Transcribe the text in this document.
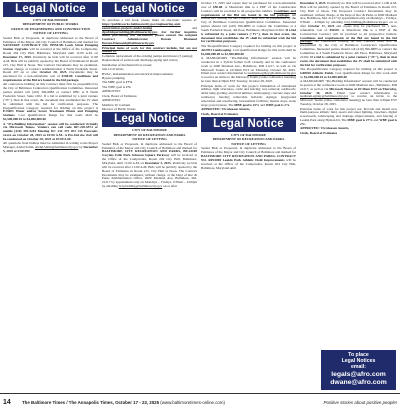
Legal Notice

CITY OF BALTIMORE

DEPARTMENT OF PUBLIC WORKS

OFFICE OF ENGINEERING AND CONSTRUCTION

NOTICE OF LETTING

Sealed Bids or Proposals, in duplicate addressed to the Board of Estimates of the Mayor and City Council of Baltimore and marked for SANITARY CONTRACT NO. 995M-Mt Louis Street Pumping Station Upgrades will be received at the Office of the Comptroller, Room 204 City Hall, Baltimore, Maryland until 11:00 A.M. on December 17, 2025. Positively no bids will be received after 11:00 A.M. Bids will be publicly opened by the Board of Estimates in Room 215, City Hall at Noon. The Contract Documents may be examined, without charge, at Contract Administration 4 North Frederick Street, Room 207 on or after October 20, 2025. Documents may be purchased for a non-refundable cost of $100.00. Conditions and requirements of the Bid are found in the bid package.

All contractors bidding on this Contract must first be prequalified by the City of Baltimore Contractors Qualification Committee. Interested parties should call (410) 396-6883 or contact OBC at 8 North Frederick Street, Suite 1002. If a bid is submitted by a joint venture ("JV"), then in that event, the document that established the JV shall be submitted with the bid for verification purposes. The Prequalification Category required for bidding on this project is E13003 Water and/or Sewer Treatment Plants and Pumping Stations. Cost Qualification Range for this work shall be $2,500,000.01 to $4,000,000.00

A "Pre-Bidding Information" session will be conducted virtually via Microsoft Teams. Vendors can call code 667-228-6574 or mobile (410) 493-4244 Meeting ID: 234 375 203 133 Passcode: xxxxx on October 28, 2025 at 10:00 A.M.. A Pre-bid site visit will be conducted on October 28, 2025 at 10:00 A.M.

All questions from bidders must be submitted in writing to the Project Manager, Abdul Salim, Abdul.Salim@baltimorecity.gov by December 5, 2025 at 5:00 PM

Legal Notice

To purchase a bid book, please make an electronic request at: https://publicworks.baltimorecity.gov/engineering-and-construction-projects-under-letting	and dpwbidspermitting@baltimorecity.gov. For further inquiries about purchasing bid documents, please contact the assigned Contract Administrator Doreen Diamond Doreen.Diamond@baltimorecity.gov

Principal items of work for this contract include, but are not limited to:

Complete replacement of the existing pumps and motors (3 pumps);

Replacement of suction and discharge piping and valves;

Installation of mechanical bar screen;

Site Civil Work;

HVAC, instrumentation and electrical improvements;

Bypass pumping.

The MBE goal is 17%

The WBE goal is 2%

APPROVED:

Clerk, Board of Estimates

APPROVED:

Matthew W. Garbark

Director of Public Works

Legal Notice

CITY OF BALTIMORE

DEPARTMENT OF RECREATION AND PARKS

NOTICE OF LETTING

Sealed Bids or Proposals, in duplicate addressed to the Board of Estimates of the Mayor and City Council of Baltimore and marked for BALTIMORE CITY RECREATION AND PARKS, BP-24108 Gwynns Falls Park Johnson Square Parkway will be received at the Office of the Comptroller, Room 204 City Hall, Baltimore, Maryland, until 11:00 A.M. on December 3, 2025. Positively no bids will be received after 11:00 A.M. Bids will be publicly opened by the Board of Estimates in Room 215, City Hall at Noon. The Contract Documents may be examined, without charge, at the Dept of Rec & Parks Administration Office, 2600 Madison Ave, Baltimore, Md. 21217 by appointment only on Mondays – Fridays, 9:30am – 4:00pm by emailing bcrp.bidding@baltimorecity.gov on or after

October 17, 2025 and copies may be purchased for a non-refundable cost of $50.00. A Sharefront link to a PDF of the Construction Contract will be provided to all prospective bidders. Conditions and requirements of the Bid are found in the bid package. All contractors bidding on this Contract must first be prequalified by the City of Baltimore Contractors Qualification Committee. Interested parties should call (410) 396-6883 or contact the Committee at 4 South Frederick Street, 4th floor, Baltimore, Maryland 21202. If a bid is submitted by a joint venture ("JV"), then in that event, the document that establishes the JV shall be submitted with the bid for verification purposes.

The Prequalification Category required for bidding on this project is A02703 Landscaping. Cost Qualification Range for this work shall be $2,000,000.00 to $2,500,000.00

A MANDATORY "Pre-Bidding Information" session will be conducted in a hybrid format both virtually and in the conference room at 2600 Madison Ave., Baltimore, MD 21217, as well as via Microsoft Teams at 10:30am EST on Thursday, October 30, 2025. Email your contact information to tsedinam.agbley@baltimorecity.gov to receive an invite to the Microsoft Teams (video conference meeting) no later than 4:30pm EST Tuesday, October 28, 2025.

Principle items of work for this project: Demolition of abandoned utilities, light structures, curbs and fencing; tree removal; earthwork; ADA ramp grading; electrical utilities; landscaping; concrete steps and walkways; fencing; removable bollards; signage; playground renovation and resurfacing, bioretention facilities; marble steps; stone steps; paved plazas. The MBE goal is 15% and WBE goal is 2%.

APPROVED: VA Gleason Amaris,

Clerk, Board of Estimates

Legal Notice

CITY OF BALTIMORE

DEPARTMENT OF RECREATION AND PARKS

NOTICE OF LETTING

Sealed Bids or Proposals, in duplicate addressed to the Board of Estimates of the Mayor and City Council of Baltimore and marked for BALTIMORE CITY RECREATION AND PARKS, CONTRACT NO. RP22000 Leakin Park Athletic Field Improvements will be received at the Office of the Comptroller, Room 204 City Hall, Baltimore, Maryland until

December 3, 2025. Positively no bids will be received after 11:00 A.M. Bids will be publicly opened by the Board of Estimates in Room 215, City Hall at Noon. The Proposed Contract Documents may be examined, without charge, at the Dept of Rec & Parks at 2600 Madison Ave, Baltimore, Md. 21217 by appointment only on Mondays – Fridays, 9:30am – 4:00pm by emailing bcrp.bidding@baltimorecity.gov on or after October 17, 2025 and copies may be purchased for a non-refundable cost of $50.00. A Sharefront link to a PDF of the Construction Contract will be provided to all prospective bidders. Conditions and requirements of the Bid are found in the bid package. All contractors bidding on this Contract must first be prequalified by the City of Baltimore Contractors Qualification Committee. Interested parties should call (410) 396-6883 or contact the Committee at 4 South Frederick Street, 4th Floor, Baltimore, Maryland 21202. If a bid is submitted by a joint venture ("JV"), then in that event, the document that establishes the JV shall be submitted with the bid for verification purposes.

The Prequalification Category required for bidding on this project is G08010 Athletic Fields. Cost Qualification Range for this work shall be $2,000,000.01 to $3,000,000.00

A MANDATORY "Pre-Bidding Information" session will be conducted in-person at the conference room at 2600 Madison Ave., Baltimore, MD 21217, as well as via Microsoft Teams at 10:30am EST on Thursday, October 30, 2025. Email your contact information to tsedinam.agbley@baltimorecity.gov to receive an invite to the Microsoft Teams (video conference meeting) no later than 4:30pm EST Tuesday, October 28, 2025.

Principle items of work for this project are: Provide and install new multi-purpose athletic field, sports and street lighting, bleachers, digital scoreboards, landscaping and drainage improvements, and fencing at Leakin Park along Hyman Dr. The MBE goal is 27% and WBE goal is 2%.

APPROVED: VA Gleason Amaris,

Clerk, Board of Estimates

To place
Legal Notices
email:
legals@afro.com
dwane@afro.com
14	The Baltimore Times / The Annapolis Times, October 17 - 23, 2025 (www.baltimoretimes-online.com)	Positive stories about positive people!
